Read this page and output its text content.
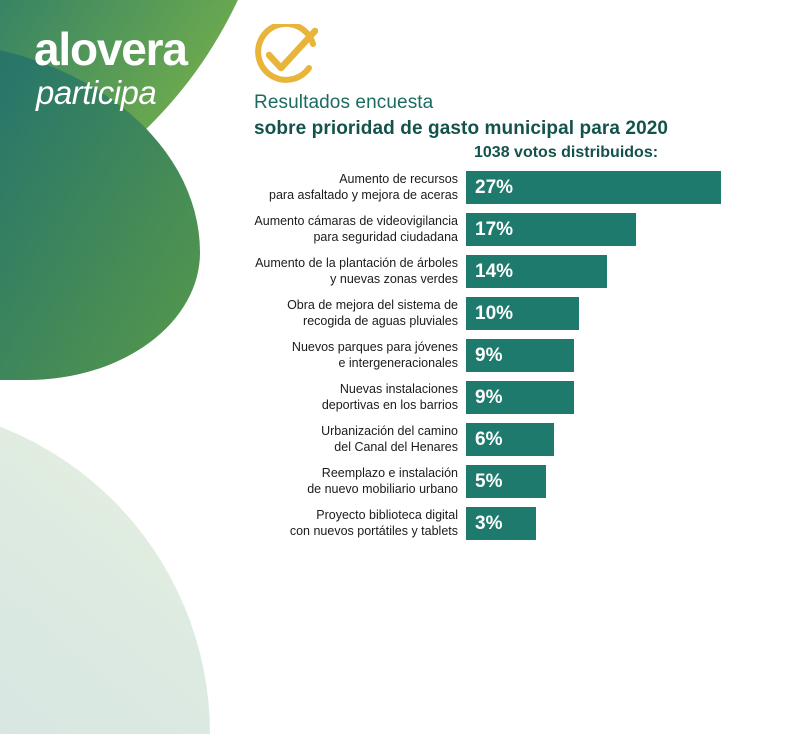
alovera
participa	Resultados encuesta
sobre prioridad de gasto municipal para 2020
1038 votos distribuidos:
Aumento de recursos
para asfaltado y mejora de aceras 27%
Aumento cámaras de videovigilancia
para seguridad ciudadana 17%
Aumento de la plantación de árboles
y nuevas zonas verdes 14%
Obra de mejora del sistema de
recogida de aguas pluviales 10%
Nuevos parques para jóvenes
e intergeneracionales 9%
Nuevas instalaciones
deportivas en los barrios 9%
Urbanización del camino
del Canal del Henares 6%
Reemplazo e instalación
de nuevo mobiliario urbano 5%
Proyecto biblioteca digital
con nuevos portátiles y tablets 3%
